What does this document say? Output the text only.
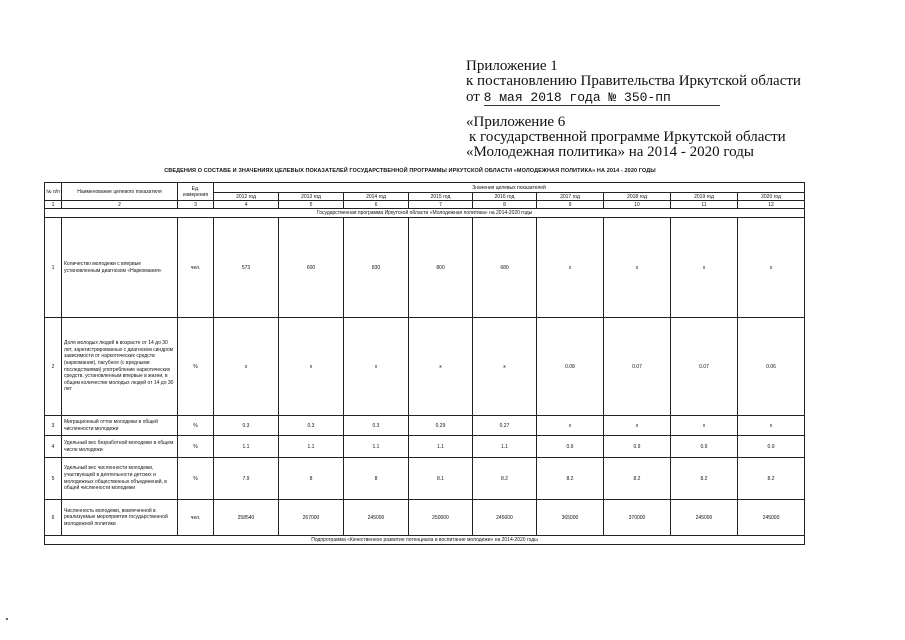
Приложение 1
к постановлению Правительства Иркутской области
от 8 мая 2018 года № 350-пп
«Приложение 6
к государственной программе Иркутской области
«Молодежная политика» на 2014 - 2020 годы
СВЕДЕНИЯ О СОСТАВЕ И ЗНАЧЕНИЯХ ЦЕЛЕВЫХ ПОКАЗАТЕЛЕЙ ГОСУДАРСТВЕННОЙ ПРОГРАММЫ ИРКУТСКОЙ ОБЛАСТИ «МОЛОДЕЖНАЯ ПОЛИТИКА» НА 2014 - 2020 ГОДЫ
№ п/п	Наименование целевого показателя	Ед. измерения	Значения целевых показателей								
			2012 год	2013 год	2014 год	2015 год	2016 год	2017 год	2018 год	2019 год	2020 год
1	2	3	4	5	6	7	8	9	10	11	12
Государственная программа Иркутской области «Молодежная политика» на 2014-2020 годы											
1	Количество молодежи с впервые установленным диагнозом «Наркомания»	чел.	573	600	830	800	680	x	x	x	x
2	Доля молодых людей в возрасте от 14 до 30 лет, зарегистрированных с диагнозом синдром зависимости от наркотических средств (наркомания), пагубное (с вредными последствиями) употребление наркотических средств, установленным впервые в жизни, в общем количестве молодых людей от 14 до 30 лет	%	x	x	x	x	x	0.08	0.07	0.07	0.06
3	Миграционный отток молодежи в общей численности молодежи	%	0.3	0.3	0.3	0.29	0.27	x	x	x	x
4	Удельный вес безработной молодежи в общем числе молодежи	%	1.1	1.1	1.1	1.1	1.1	0.9	0.9	0.9	0.9
5	Удельный вес численности молодежи, участвующей в деятельности детских и молодежных общественных объединений, в общей численности молодежи	%	7.9	8	8	8.1	8.2	8.2	8.2	8.2	8.2
6	Численность молодежи, вовлеченной в реализуемые мероприятия государственной молодежной политики	чел.	258540	267000	245000	250000	245000	365000	370000	245000	245000
Подпрограмма «Качественное развитие потенциала и воспитание молодежи» на 2014-2020 годы											
